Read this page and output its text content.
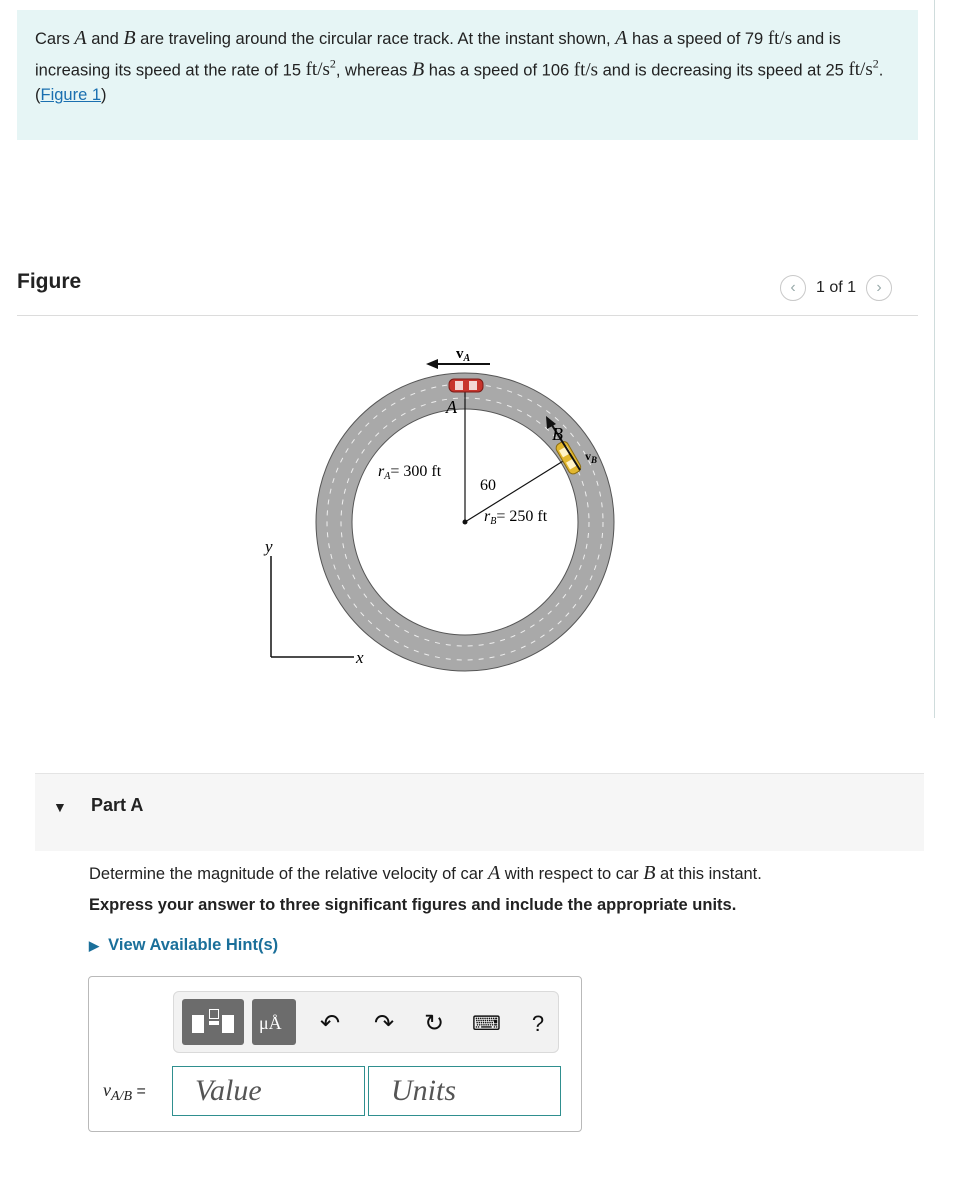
Cars A and B are traveling around the circular race track. At the instant shown, A has a speed of 79 ft/s and is increasing its speed at the rate of 15 $ft/s^2$, whereas B has a speed of 106 ft/s and is decreasing its speed at 25 $ft/s^2$.
(Figure 1)
Figure	‹	1 of 1	›
$v_A$
A
B
$v_B$
rA= 300 ft
60
rB= 250 ft
y
x
▼ Part A
Determine the magnitude of the relative velocity of car A with respect to car B at this instant.
Express your answer to three significant figures and include the appropriate units.
▶ View Available Hint(s)
μÅ ↶ ↷ ↻ ⌨	?
$v_{A/B}$ =	Value	Units
